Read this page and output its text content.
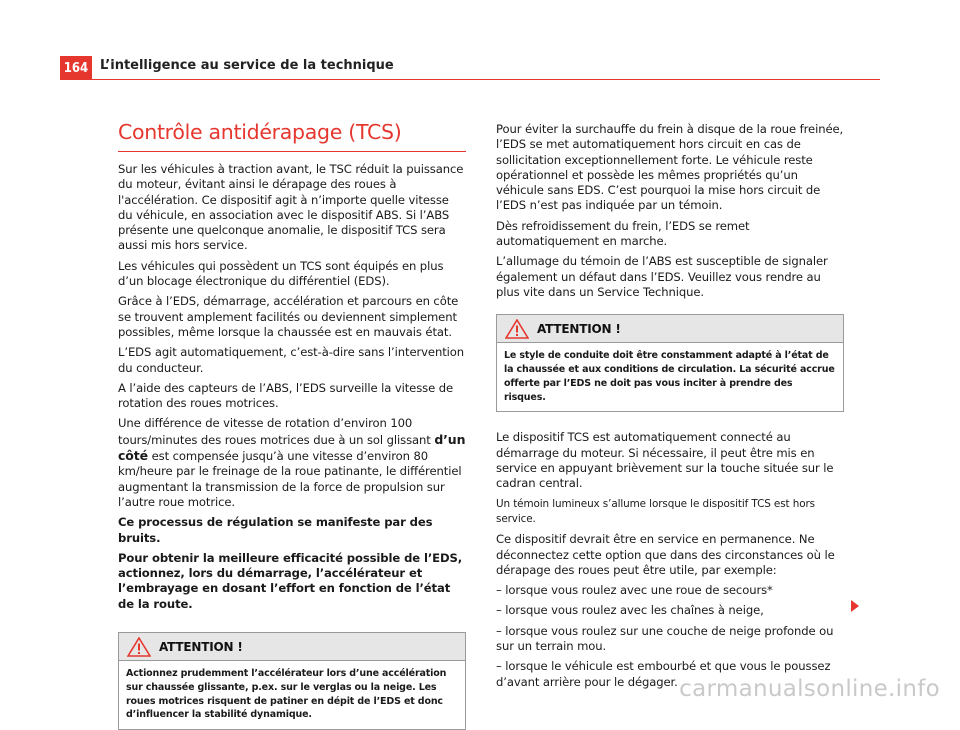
164 L’intelligence au service de la technique
Contrôle antidérapage (TCS)

Sur les véhicules à traction avant, le TSC réduit la puissance du moteur, évitant ainsi le dérapage des roues à l'accélération. Ce dispositif agit à n’importe quelle vitesse du véhicule, en association avec le dispositif ABS. Si l’ABS présente une quelconque anomalie, le dispositif TCS sera aussi mis hors service.

Les véhicules qui possèdent un TCS sont équipés en plus d’un blocage électronique du différentiel (EDS).

Grâce à l’EDS, démarrage, accélération et parcours en côte se trouvent amplement facilités ou deviennent simplement possibles, même lorsque la chaussée est en mauvais état.

L’EDS agit automatiquement, c’est-à-dire sans l’intervention du conducteur.

A l’aide des capteurs de l’ABS, l’EDS surveille la vitesse de rotation des roues motrices.

Une différence de vitesse de rotation d’environ 100 tours/minutes des roues motrices due à un sol glissant d’un côté est compensée jusqu’à une vitesse d’environ 80 km/heure par le freinage de la roue patinante, le différentiel augmentant la transmission de la force de propulsion sur l’autre roue motrice.

Ce processus de régulation se manifeste par des bruits.

Pour obtenir la meilleure efficacité possible de l’EDS, actionnez, lors du démarrage, l’accélérateur et l’embrayage en dosant l’effort en fonction de l’état de la route.

ATTENTION !
Actionnez prudemment l’accélérateur lors d’une accélération sur chaussée glissante, p.ex. sur le verglas ou la neige. Les roues motrices risquent de patiner en dépit de l’EDS et donc d’influencer la stabilité dynamique.

Pour éviter la surchauffe du frein à disque de la roue freinée, l’EDS se met automatiquement hors circuit en cas de sollicitation exceptionnellement forte. Le véhicule reste opérationnel et possède les mêmes propriétés qu’un véhicule sans EDS. C’est pourquoi la mise hors circuit de l’EDS n’est pas indiquée par un témoin.

Dès refroidissement du frein, l’EDS se remet automatiquement en marche.

L’allumage du témoin de l’ABS est susceptible de signaler également un défaut dans l’EDS. Veuillez vous rendre au plus vite dans un Service Technique.

ATTENTION !
Le style de conduite doit être constamment adapté à l’état de la chaussée et aux conditions de circulation. La sécurité accrue offerte par l’EDS ne doit pas vous inciter à prendre des risques.

Le dispositif TCS est automatiquement connecté au démarrage du moteur. Si nécessaire, il peut être mis en service en appuyant brièvement sur la touche située sur le cadran central.

Un témoin lumineux s’allume lorsque le dispositif TCS est hors service.

Ce dispositif devrait être en service en permanence. Ne déconnectez cette option que dans des circonstances où le dérapage des roues peut être utile, par exemple:

– lorsque vous roulez avec une roue de secours*

– lorsque vous roulez avec les chaînes à neige,

– lorsque vous roulez sur une couche de neige profonde ou sur un terrain mou.

– lorsque le véhicule est embourbé et que vous le poussez d’avant arrière pour le dégager. carmanualsonline.info
